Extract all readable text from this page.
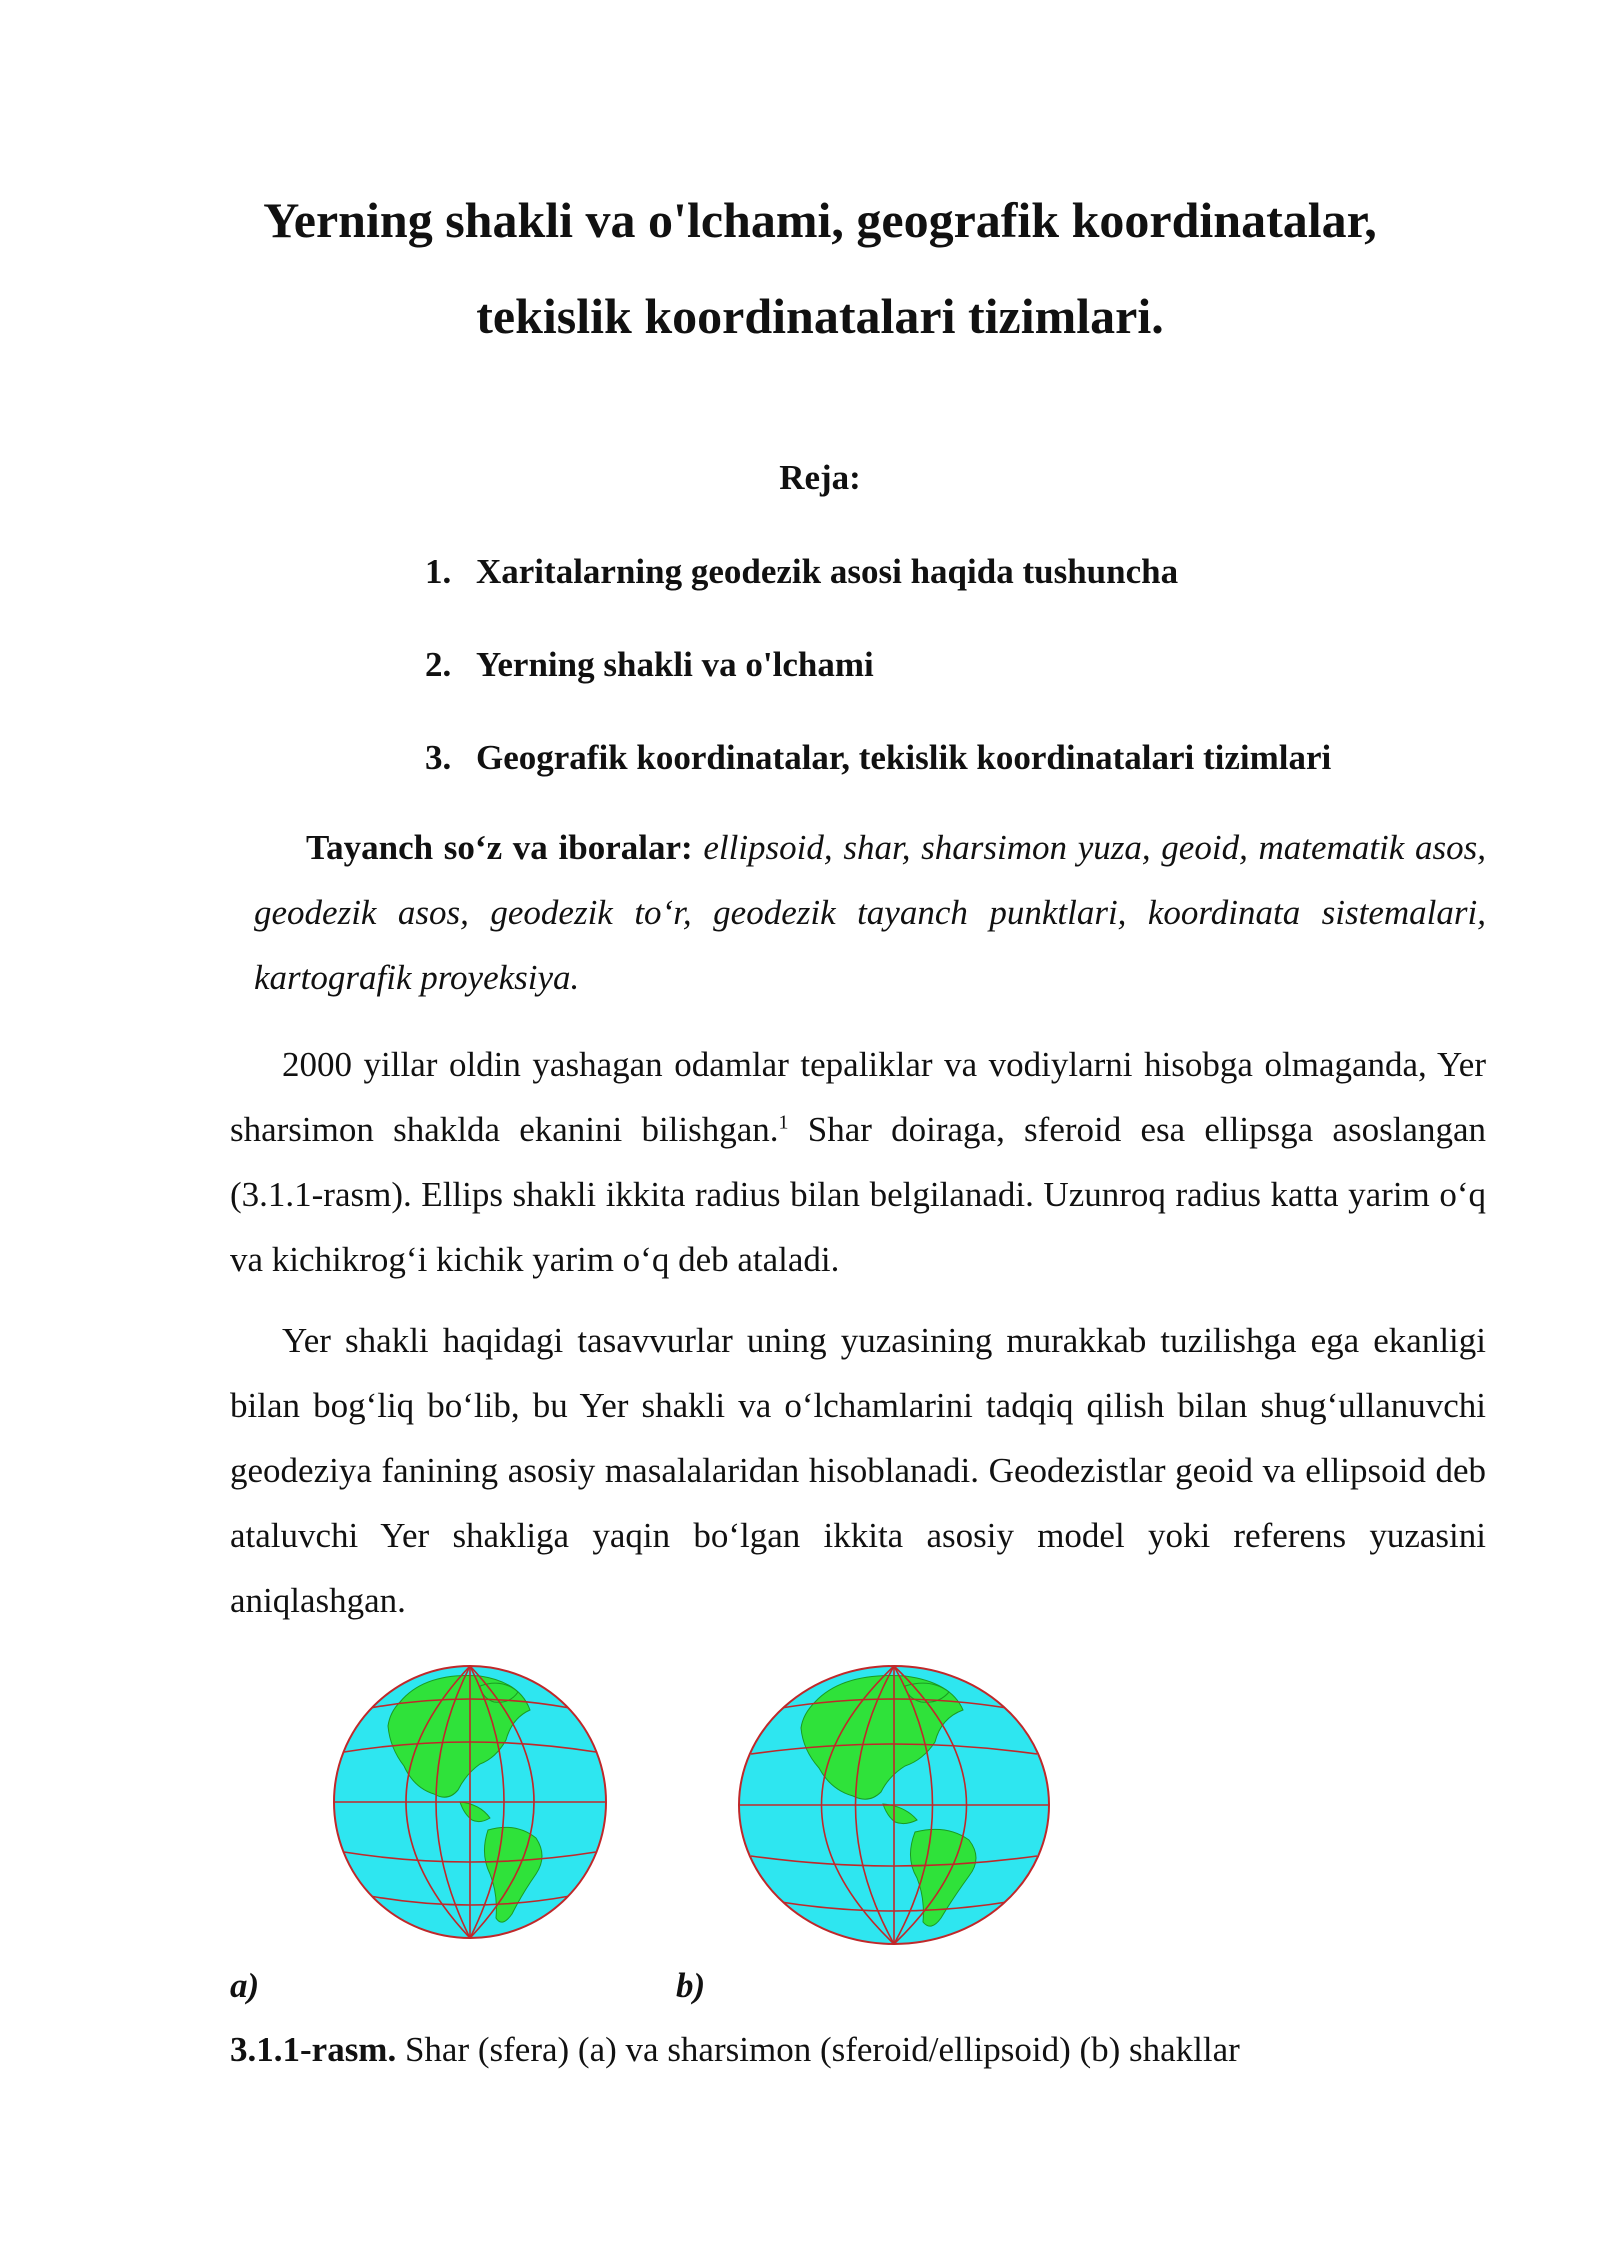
Yerning shakli va o'lchami, geografik koordinatalar,
tekislik koordinatalari tizimlari.

Reja:

1. Xaritalarning geodezik asosi haqida tushuncha
2. Yerning shakli va o'lchami
3. Geografik koordinatalar, tekislik koordinatalari tizimlari

Tayanch so‘z va iboralar: ellipsoid, shar, sharsimon yuza, geoid, matematik asos, geodezik asos, geodezik to‘r, geodezik tayanch punktlari, koordinata sistemalari, kartografik proyeksiya.

2000 yillar oldin yashagan odamlar tepaliklar va vodiylarni hisobga olmaganda, Yer sharsimon shaklda ekanini bilishgan.$^1$ Shar doiraga, sferoid esa ellipsga asoslangan (3.1.1-rasm). Ellips shakli ikkita radius bilan belgilanadi. Uzunroq radius katta yarim o‘q va kichikrog‘i kichik yarim o‘q deb ataladi.

Yer shakli haqidagi tasavvurlar uning yuzasining murakkab tuzilishga ega ekanligi bilan bog‘liq bo‘lib, bu Yer shakli va o‘lchamlarini tadqiq qilish bilan shug‘ullanuvchi geodeziya fanining asosiy masalalaridan hisoblanadi. Geodezistlar geoid va ellipsoid deb ataluvchi Yer shakliga yaqin bo‘lgan ikkita asosiy model yoki referens yuzasini aniqlashgan.

a)	b)

3.1.1-rasm. Shar (sfera) (a) va sharsimon (sferoid/ellipsoid) (b) shakllar
